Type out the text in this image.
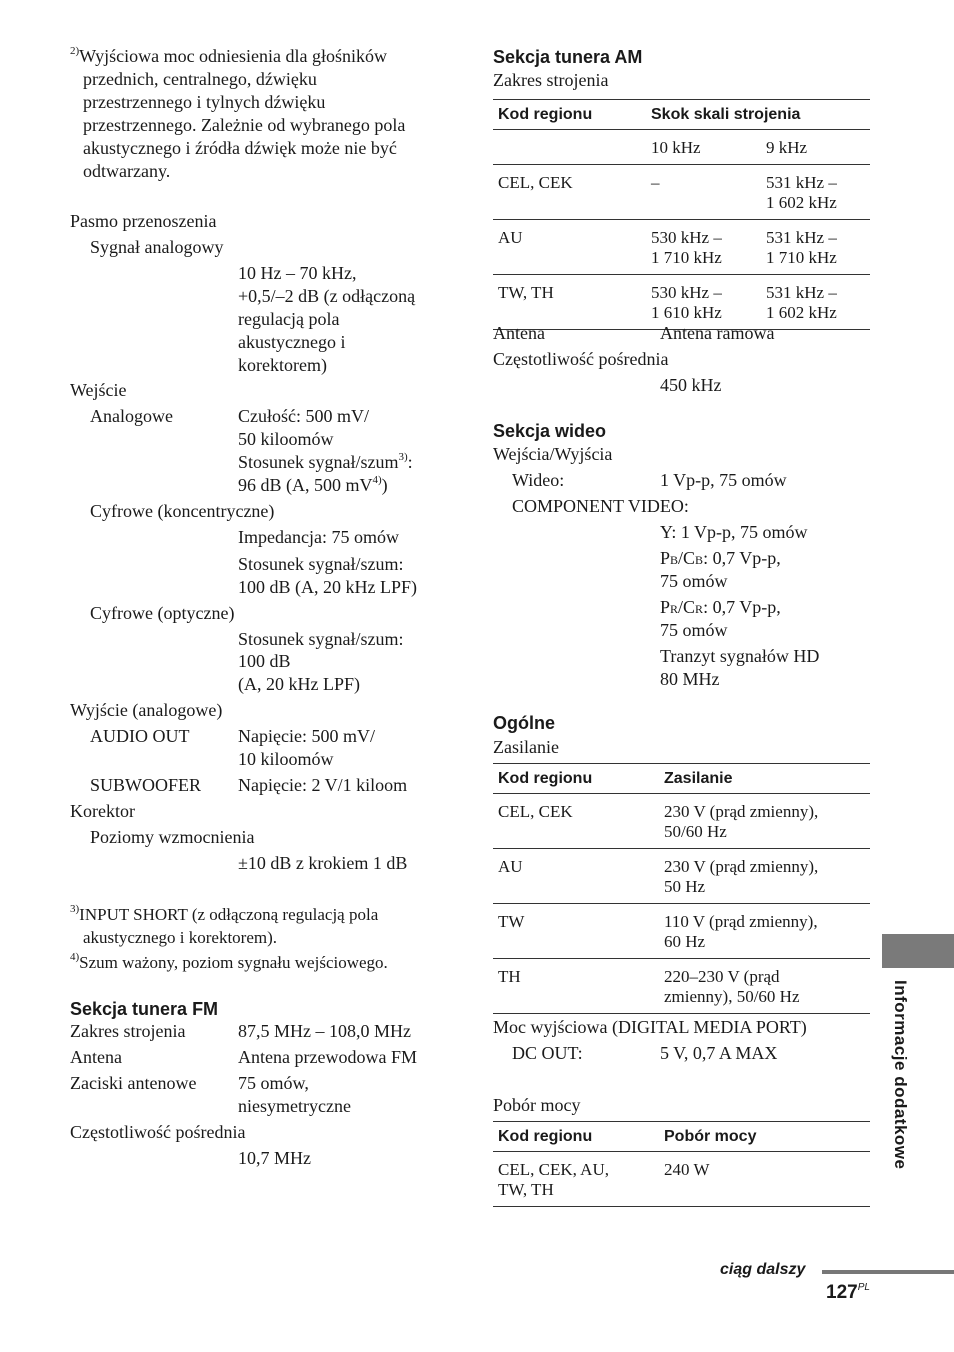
$^{2)}$Wyjściowa moc odniesienia dla głośników
przednich, centralnego, dźwięku
przestrzennego i tylnych dźwięku
przestrzennego. Zależnie od wybranego pola
akustycznego i źródła dźwięk może nie być
odtwarzany.
Pasmo przenoszenia
Sygnał analogowy
10 Hz – 70 kHz,
+0,5/–2 dB (z odłączoną
regulacją pola
akustycznego i
korektorem)
Wejście
Analogowe	Czułość: 500 mV/
50 kiloomów
Stosunek sygnał/szum$^{3)}$:
96 dB (A, 500 mV$^{4)}$)
Cyfrowe (koncentryczne)
Impedancja: 75 omów
Stosunek sygnał/szum:
100 dB (A, 20 kHz LPF)
Cyfrowe (optyczne)
Stosunek sygnał/szum:
100 dB
(A, 20 kHz LPF)
Wyjście (analogowe)
AUDIO OUT	Napięcie: 500 mV/
10 kiloomów
SUBWOOFER Napięcie: 2 V/1 kiloom
Korektor
Poziomy wzmocnienia
±10 dB z krokiem 1 dB
$^{3)}$INPUT SHORT (z odłączoną regulacją pola
akustycznego i korektorem).
$^{4)}$Szum ważony, poziom sygnału wejściowego.
Sekcja tunera FM
Zakres strojenia	87,5 MHz – 108,0 MHz
Antena	Antena przewodowa FM
Zaciski antenowe 75 omów,
niesymetryczne
Częstotliwość pośrednia
10,7 MHz
Sekcja tunera AM
Zakres strojenia
Kod regionu	Skok skali strojenia	
	10 kHz	9 kHz
CEL, CEK	–	531 kHz –
1 602 kHz
AU	530 kHz –
1 710 kHz	531 kHz –
1 710 kHz
TW, TH	530 kHz –
1 610 kHz	531 kHz –
1 602 kHz
Antena	Antena ramowa
Częstotliwość pośrednia
450 kHz
Sekcja wideo
Wejścia/Wyjścia
Wideo:	1 Vp-p, 75 omów
COMPONENT VIDEO:
Y: 1 Vp-p, 75 omów
PB/CB: 0,7 Vp-p,
75 omów
PR/CR: 0,7 Vp-p,
75 omów
Tranzyt sygnałów HD
80 MHz
Ogólne
Zasilanie
Kod regionu	Zasilanie
CEL, CEK	230 V (prąd zmienny),
50/60 Hz
AU	230 V (prąd zmienny),
50 Hz
TW	110 V (prąd zmienny),
60 Hz
TH	220–230 V (prąd
zmienny), 50/60 Hz
Moc wyjściowa (DIGITAL MEDIA PORT)
DC OUT:	5 V, 0,7 A MAX
Pobór mocy
Kod regionu	Pobór mocy
CEL, CEK, AU,
TW, TH	240 W
Informacje dodatkowe
ciąg dalszy
$127^{PL}$
